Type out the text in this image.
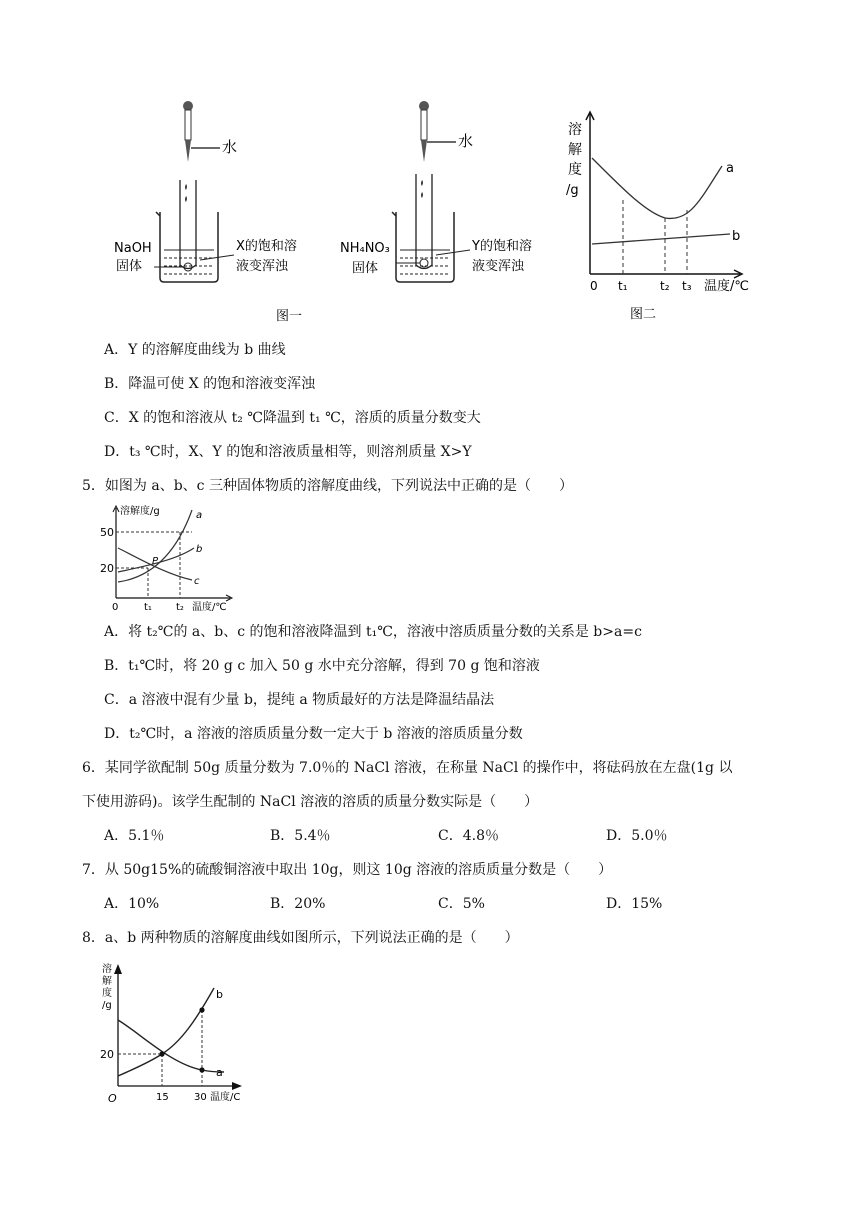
水
NaOH
固体
X的饱和溶
液变浑浊
图一
水
NH₄NO₃
固体
Y的饱和溶
液变浑浊
溶
解
度
/g
a
b
0 t₁	t₂ t₃ 温度/℃
图二
A．Y 的溶解度曲线为 b 曲线
B．降温可使 X 的饱和溶液变浑浊
C．X 的饱和溶液从 t₂ ℃降温到 t₁ ℃，溶质的质量分数变大
D．t₃ ℃时，X、Y 的饱和溶液质量相等，则溶剂质量 X>Y
5．如图为 a、b、c 三种固体物质的溶解度曲线，下列说法中正确的是（　　）
溶解度/g
50
20
0	t₁ t₂ 温度/℃
P
a
b
c
A．将 t₂℃的 a、b、c 的饱和溶液降温到 t₁℃，溶液中溶质质量分数的关系是 b>a=c
B．t₁℃时，将 20 g c 加入 50 g 水中充分溶解，得到 70 g 饱和溶液
C．a 溶液中混有少量 b，提纯 a 物质最好的方法是降温结晶法
D．t₂℃时，a 溶液的溶质质量分数一定大于 b 溶液的溶质质量分数
6．某同学欲配制 50g 质量分数为 7.0％的 NaCl 溶液，在称量 NaCl 的操作中，将砝码放在左盘(1g 以
下使用游码)。该学生配制的 NaCl 溶液的溶质的质量分数实际是（　　）
A．5.1％	B．5.4％	C．4.8％	D．5.0％
7．从 50g15%的硫酸铜溶液中取出 10g，则这 10g 溶液的溶质质量分数是（　　）
A．10%	B．20%	C．5%	D．15%
8．a、b 两种物质的溶解度曲线如图所示，下列说法正确的是（　　）
溶
解
度
/g
20
O	15	30 温度/C
b
a
